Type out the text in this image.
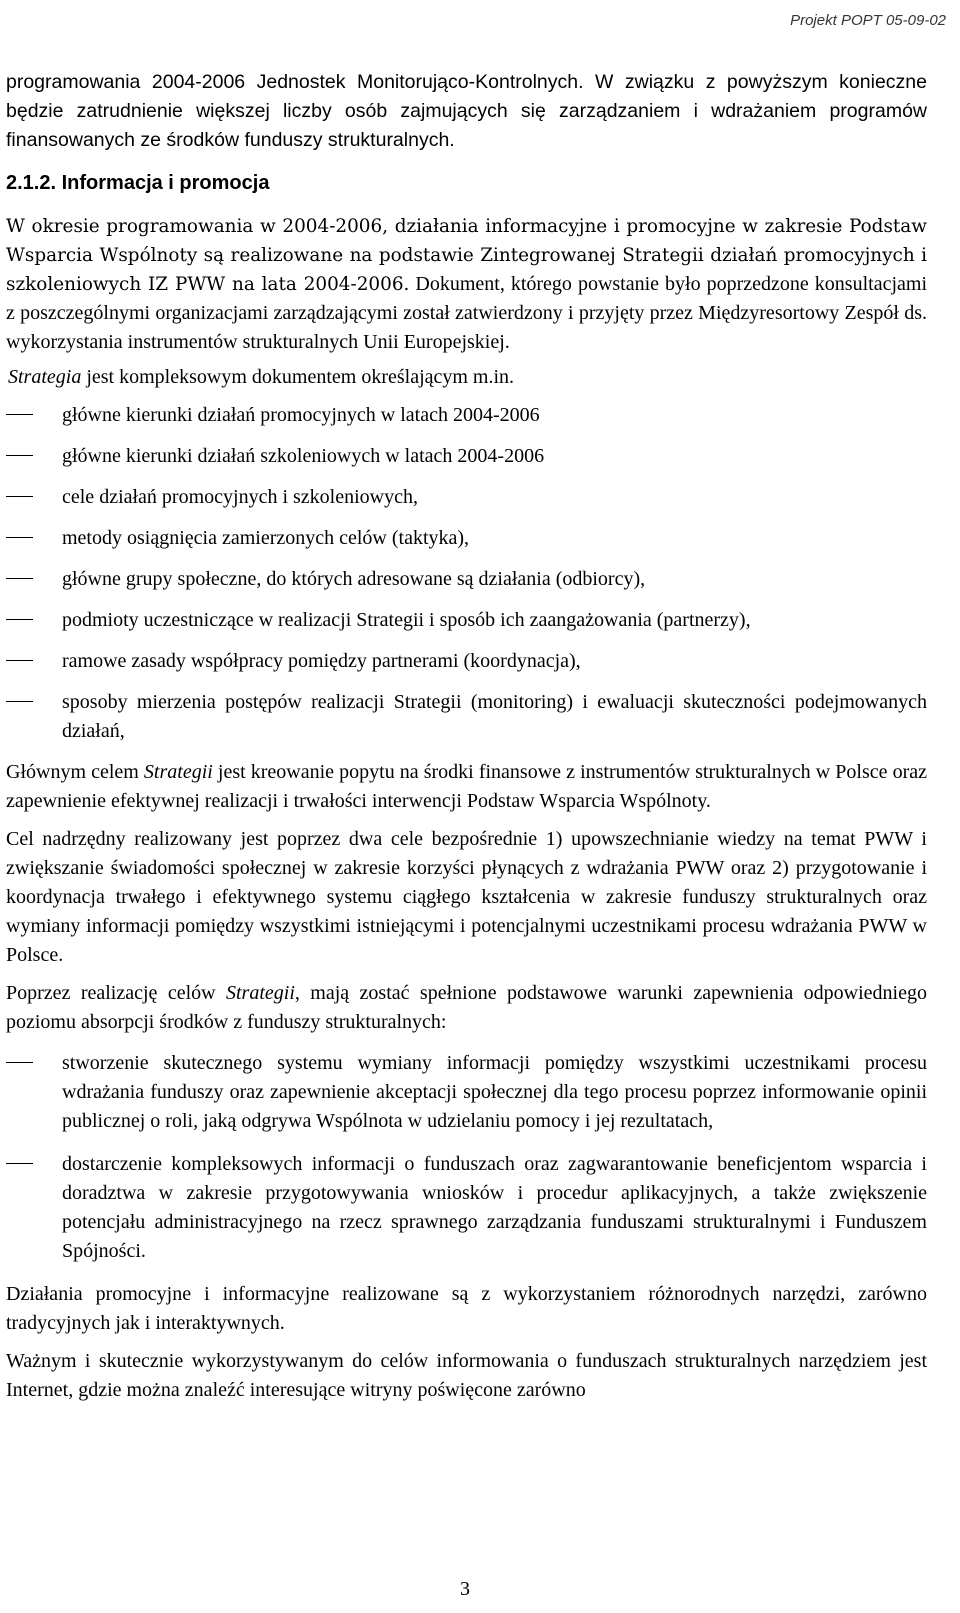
Projekt POPT 05-09-02

programowania 2004-2006 Jednostek Monitorująco-Kontrolnych. W związku z powyższym konieczne będzie zatrudnienie większej liczby osób zajmujących się zarządzaniem i wdrażaniem programów finansowanych ze środków funduszy strukturalnych.

2.1.2. Informacja i promocja

W okresie programowania w 2004-2006, działania informacyjne i promocyjne w zakresie Podstaw Wsparcia Wspólnoty są realizowane na podstawie Zintegrowanej Strategii działań promocyjnych i szkoleniowych IZ PWW na lata 2004-2006. Dokument, którego powstanie było poprzedzone konsultacjami z poszczególnymi organizacjami zarządzającymi został zatwierdzony i przyjęty przez Międzyresortowy Zespół ds. wykorzystania instrumentów strukturalnych Unii Europejskiej.

Strategia jest kompleksowym dokumentem określającym m.in.

główne kierunki działań promocyjnych w latach 2004-2006
główne kierunki działań szkoleniowych w latach 2004-2006
cele działań promocyjnych i szkoleniowych,
metody osiągnięcia zamierzonych celów (taktyka),
główne grupy społeczne, do których adresowane są działania (odbiorcy),
podmioty uczestniczące w realizacji Strategii i sposób ich zaangażowania (partnerzy),
ramowe zasady współpracy pomiędzy partnerami (koordynacja),
sposoby mierzenia postępów realizacji Strategii (monitoring) i ewaluacji skuteczności podejmowanych działań,

Głównym celem Strategii jest kreowanie popytu na środki finansowe z instrumentów strukturalnych w Polsce oraz zapewnienie efektywnej realizacji i trwałości interwencji Podstaw Wsparcia Wspólnoty.

Cel nadrzędny realizowany jest poprzez dwa cele bezpośrednie 1) upowszechnianie wiedzy na temat PWW i zwiększanie świadomości społecznej w zakresie korzyści płynących z wdrażania PWW oraz 2) przygotowanie i koordynacja trwałego i efektywnego systemu ciągłego kształcenia w zakresie funduszy strukturalnych oraz wymiany informacji pomiędzy wszystkimi istniejącymi i potencjalnymi uczestnikami procesu wdrażania PWW w Polsce.

Poprzez realizację celów Strategii, mają zostać spełnione podstawowe warunki zapewnienia odpowiedniego poziomu absorpcji środków z funduszy strukturalnych:

stworzenie skutecznego systemu wymiany informacji pomiędzy wszystkimi uczestnikami procesu wdrażania funduszy oraz zapewnienie akceptacji społecznej dla tego procesu poprzez informowanie opinii publicznej o roli, jaką odgrywa Wspólnota w udzielaniu pomocy i jej rezultatach,
dostarczenie kompleksowych informacji o funduszach oraz zagwarantowanie beneficjentom wsparcia i doradztwa w zakresie przygotowywania wniosków i procedur aplikacyjnych, a także zwiększenie potencjału administracyjnego na rzecz sprawnego zarządzania funduszami strukturalnymi i Funduszem Spójności.

Działania promocyjne i informacyjne realizowane są z wykorzystaniem różnorodnych narzędzi, zarówno tradycyjnych jak i interaktywnych.

Ważnym i skutecznie wykorzystywanym do celów informowania o funduszach strukturalnych narzędziem jest Internet, gdzie można znaleźć interesujące witryny poświęcone zarówno

3
